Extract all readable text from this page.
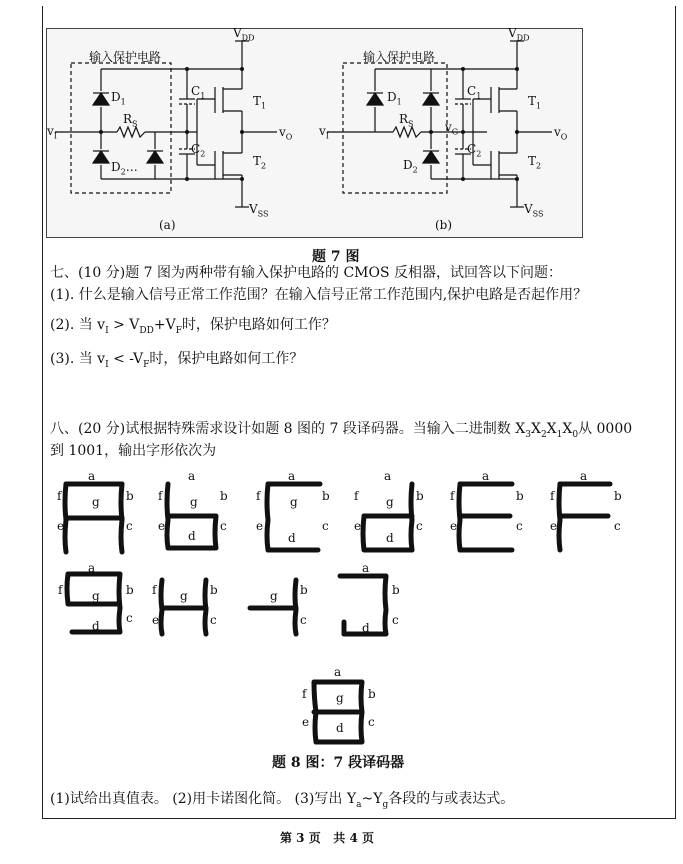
输入保护电路	输入保护电路
$V_{DD}$	$V_{DD}$
$V_{SS}$	$V_{SS}$
$v_I$	$v_I$
$v_O$	$v_O$
$v_G$
$D_1$
$D_2\dots$
$R_S$
$D_1$
$D_2$
$R_S$
$C_1$
$C_2$
$C_1$
$C_2$
$T_1$
$T_2$
$T_1$
$T_2$
(a)	(b)
题 7 图
七、(10 分)题 7 图为两种带有输入保护电路的 CMOS 反相器，试回答以下问题：
(1). 什么是输入信号正常工作范围？在输入信号正常工作范围内,保护电路是否起作用？
(2). 当 $v_I > V_{DD}+V_F$时，保护电路如何工作？
(3). 当 $v_I < -V_F$时，保护电路如何工作？
八、(20 分)试根据特殊需求设计如题 8 图的 7 段译码器。当输入二进制数 $X_3X_2X_1X_0$从 0000
到 1001，输出字形依次为
a
f	g b
e	c
a
f g b
e	c
d
a
f g b
e	c
d
a
f g b
e	c
d
a
f	b
e	c
a
f	b
e	c
a
f g b
c
d
f g b
e	c
g b
c
a
b
c
d
a
f g b
e d c
题 8 图：7 段译码器
(1)试给出真值表。 (2)用卡诺图化简。 (3)写出 $Y_a\sim Y_g$各段的与或表达式。
第 3 页 共 4 页
